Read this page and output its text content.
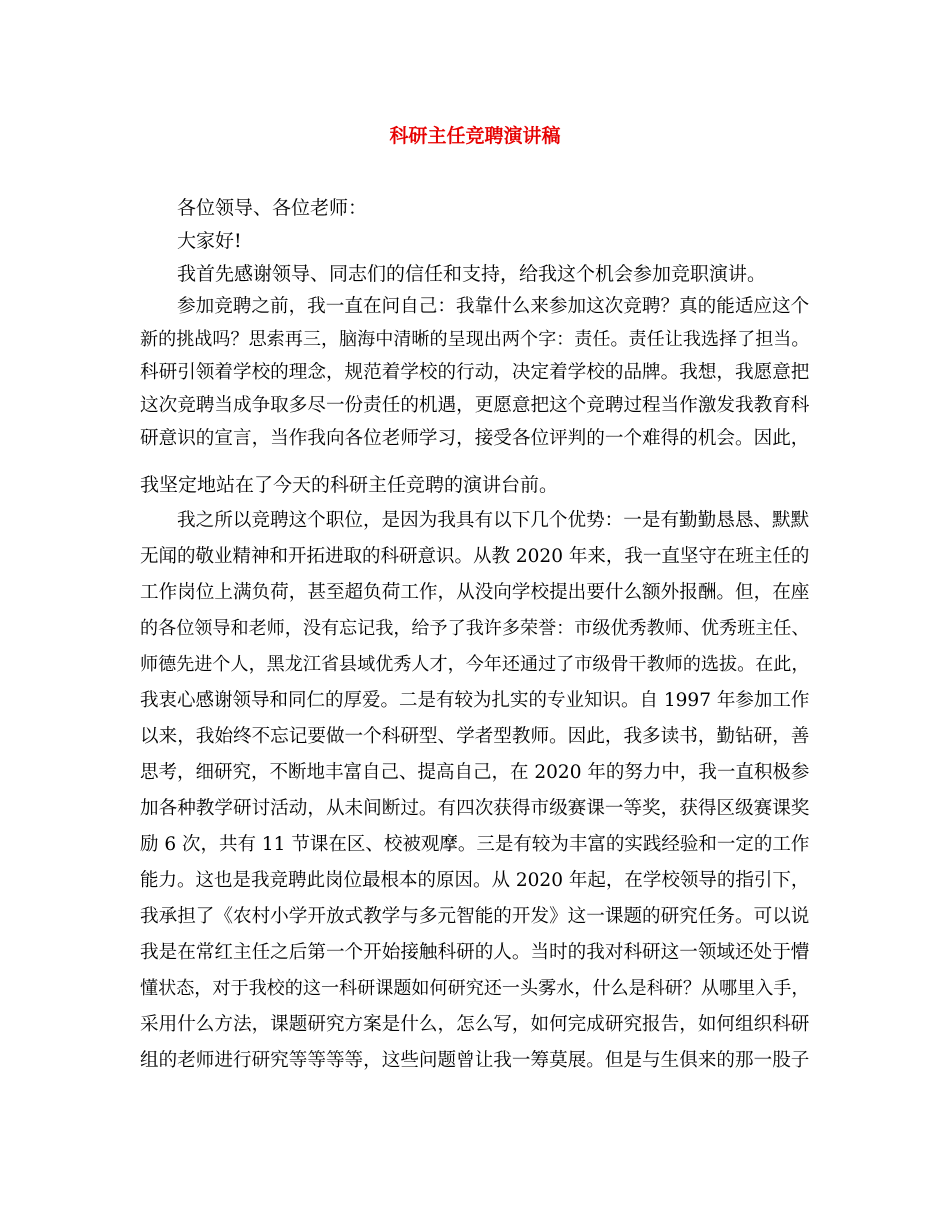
科研主任竞聘演讲稿

各位领导、各位老师：

大家好!

我首先感谢领导、同志们的信任和支持，给我这个机会参加竞职演讲。

参加竞聘之前，我一直在问自己：我靠什么来参加这次竞聘？真的能适应这个

新的挑战吗？思索再三，脑海中清晰的呈现出两个字：责任。责任让我选择了担当。

科研引领着学校的理念，规范着学校的行动，决定着学校的品牌。我想，我愿意把

这次竞聘当成争取多尽一份责任的机遇，更愿意把这个竞聘过程当作激发我教育科

研意识的宣言，当作我向各位老师学习，接受各位评判的一个难得的机会。因此，

我坚定地站在了今天的科研主任竞聘的演讲台前。

我之所以竞聘这个职位，是因为我具有以下几个优势：一是有勤勤恳恳、默默

无闻的敬业精神和开拓进取的科研意识。从教 2020 年来，我一直坚守在班主任的

工作岗位上满负荷，甚至超负荷工作，从没向学校提出要什么额外报酬。但，在座

的各位领导和老师，没有忘记我，给予了我许多荣誉：市级优秀教师、优秀班主任、

师德先进个人，黑龙江省县域优秀人才，今年还通过了市级骨干教师的选拔。在此，

我衷心感谢领导和同仁的厚爱。二是有较为扎实的专业知识。自 1997 年参加工作

以来，我始终不忘记要做一个科研型、学者型教师。因此，我多读书，勤钻研，善

思考，细研究，不断地丰富自己、提高自己，在 2020 年的努力中，我一直积极参

加各种教学研讨活动，从未间断过。有四次获得市级赛课一等奖，获得区级赛课奖

励 6 次，共有 11 节课在区、校被观摩。三是有较为丰富的实践经验和一定的工作

能力。这也是我竞聘此岗位最根本的原因。从 2020 年起，在学校领导的指引下，

我承担了《农村小学开放式教学与多元智能的开发》这一课题的研究任务。可以说

我是在常红主任之后第一个开始接触科研的人。当时的我对科研这一领域还处于懵

懂状态，对于我校的这一科研课题如何研究还一头雾水，什么是科研？从哪里入手，

采用什么方法，课题研究方案是什么，怎么写，如何完成研究报告，如何组织科研

组的老师进行研究等等等等，这些问题曾让我一筹莫展。但是与生俱来的那一股子
